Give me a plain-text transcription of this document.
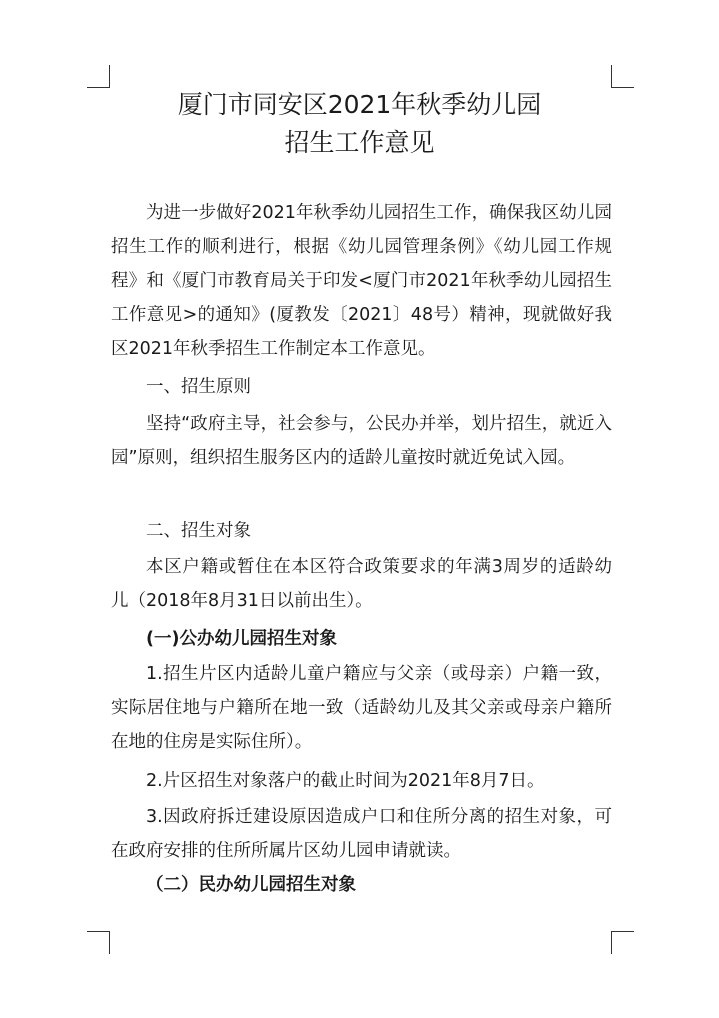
厦门市同安区2021年秋季幼儿园
招生工作意见

为进一步做好2021年秋季幼儿园招生工作，确保我区幼儿园招生工作的顺利进行，根据《幼儿园管理条例》《幼儿园工作规程》和《厦门市教育局关于印发<厦门市2021年秋季幼儿园招生工作意见>的通知》(厦教发〔2021〕48号）精神，现就做好我区2021年秋季招生工作制定本工作意见。

一、招生原则

坚持“政府主导，社会参与，公民办并举，划片招生，就近入园”原则，组织招生服务区内的适龄儿童按时就近免试入园。

二、招生对象

本区户籍或暂住在本区符合政策要求的年满3周岁的适龄幼儿（2018年8月31日以前出生）。

(一)公办幼儿园招生对象

1.招生片区内适龄儿童户籍应与父亲（或母亲）户籍一致，实际居住地与户籍所在地一致（适龄幼儿及其父亲或母亲户籍所在地的住房是实际住所）。

2.片区招生对象落户的截止时间为2021年8月7日。

3.因政府拆迁建设原因造成户口和住所分离的招生对象，可在政府安排的住所所属片区幼儿园申请就读。

（二）民办幼儿园招生对象
